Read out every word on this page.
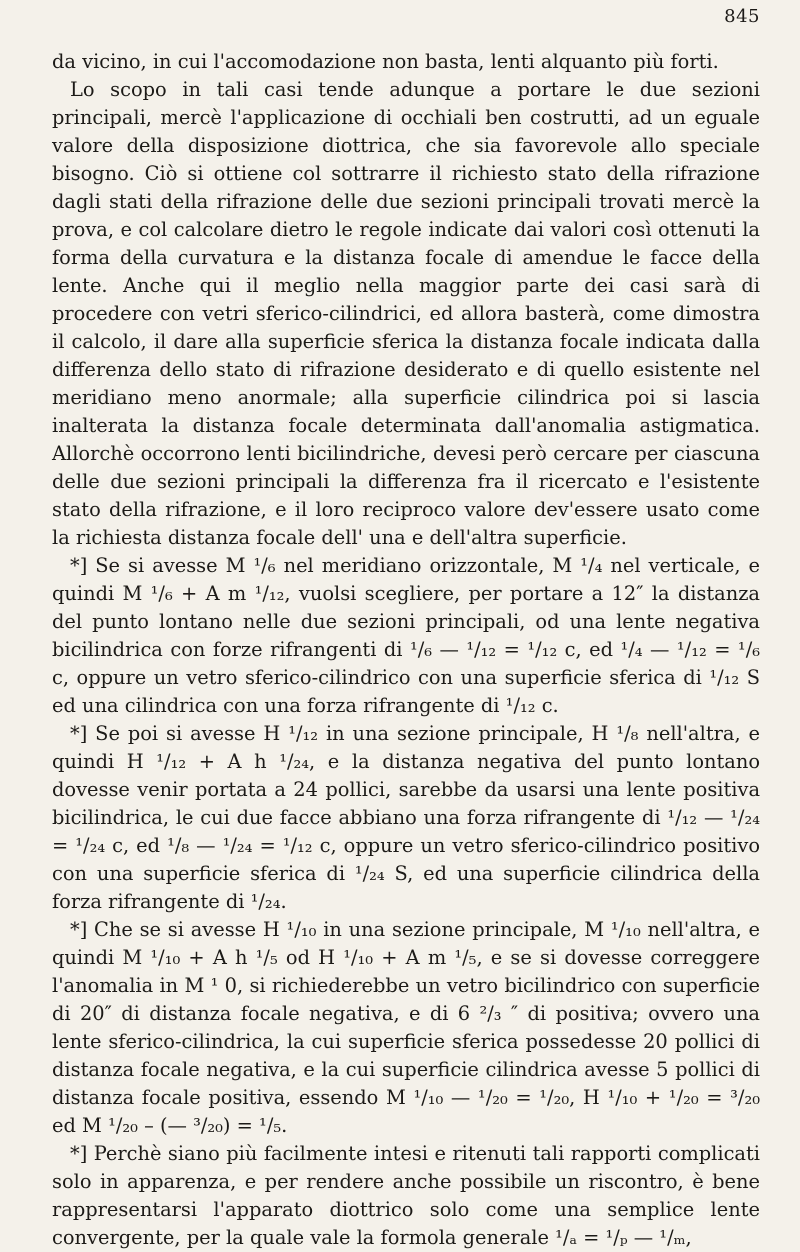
845

da vicino, in cui l'accomodazione non basta, lenti alquanto più forti.

Lo scopo in tali casi tende adunque a portare le due sezioni principali, mercè l'applicazione di occhiali ben costrutti, ad un eguale valore della disposizione diottrica, che sia favorevole allo speciale bisogno. Ciò si ottiene col sottrarre il richiesto stato della rifrazione dagli stati della rifrazione delle due sezioni principali trovati mercè la prova, e col calcolare dietro le regole indicate dai valori così ottenuti la forma della curvatura e la distanza focale di amendue le facce della lente. Anche qui il meglio nella maggior parte dei casi sarà di procedere con vetri sferico-cilindrici, ed allora basterà, come dimostra il calcolo, il dare alla superficie sferica la distanza focale indicata dalla differenza dello stato di rifrazione desiderato e di quello esistente nel meridiano meno anormale; alla superficie cilindrica poi si lascia inalterata la distanza focale determinata dall'anomalia astigmatica. Allorchè occorrono lenti bicilindriche, devesi però cercare per ciascuna delle due sezioni principali la differenza fra il ricercato e l'esistente stato della rifrazione, e il loro reciproco valore dev'essere usato come la richiesta distanza focale dell' una e dell'altra superficie.

*] Se si avesse M ¹/₆ nel meridiano orizzontale, M ¹/₄ nel verticale, e quindi M ¹/₆ + A m ¹/₁₂, vuolsi scegliere, per portare a 12″ la distanza del punto lontano nelle due sezioni principali, od una lente negativa bicilindrica con forze rifrangenti di ¹/₆ — ¹/₁₂ = ¹/₁₂ c, ed ¹/₄ — ¹/₁₂ = ¹/₆ c, oppure un vetro sferico-cilindrico con una superficie sferica di ¹/₁₂ S ed una cilindrica con una forza rifrangente di ¹/₁₂ c.

*] Se poi si avesse H ¹/₁₂ in una sezione principale, H ¹/₈ nell'altra, e quindi H ¹/₁₂ + A h ¹/₂₄, e la distanza negativa del punto lontano dovesse venir portata a 24 pollici, sarebbe da usarsi una lente positiva bicilindrica, le cui due facce abbiano una forza rifrangente di ¹/₁₂ — ¹/₂₄ = ¹/₂₄ c, ed ¹/₈ — ¹/₂₄ = ¹/₁₂ c, oppure un vetro sferico-cilindrico positivo con una superficie sferica di ¹/₂₄ S, ed una superficie cilindrica della forza rifrangente di ¹/₂₄.

*] Che se si avesse H ¹/₁₀ in una sezione principale, M ¹/₁₀ nell'altra, e quindi M ¹/₁₀ + A h ¹/₅ od H ¹/₁₀ + A m ¹/₅, e se si dovesse correggere l'anomalia in M ¹ 0, si richiederebbe un vetro bicilindrico con superficie di 20″ di distanza focale negativa, e di 6 ²/₃ ″ di positiva; ovvero una lente sferico-cilindrica, la cui superficie sferica possedesse 20 pollici di distanza focale negativa, e la cui superficie cilindrica avesse 5 pollici di distanza focale positiva, essendo M ¹/₁₀ — ¹/₂₀ = ¹/₂₀, H ¹/₁₀ + ¹/₂₀ = ³/₂₀ ed M ¹/₂₀ – (— ³/₂₀) = ¹/₅.

*] Perchè siano più facilmente intesi e ritenuti tali rapporti complicati solo in apparenza, e per rendere anche possibile un riscontro, è bene rappresentarsi l'apparato diottrico solo come una semplice lente convergente, per la quale vale la formola generale ¹/ₐ = ¹/ₚ — ¹/ₘ,
